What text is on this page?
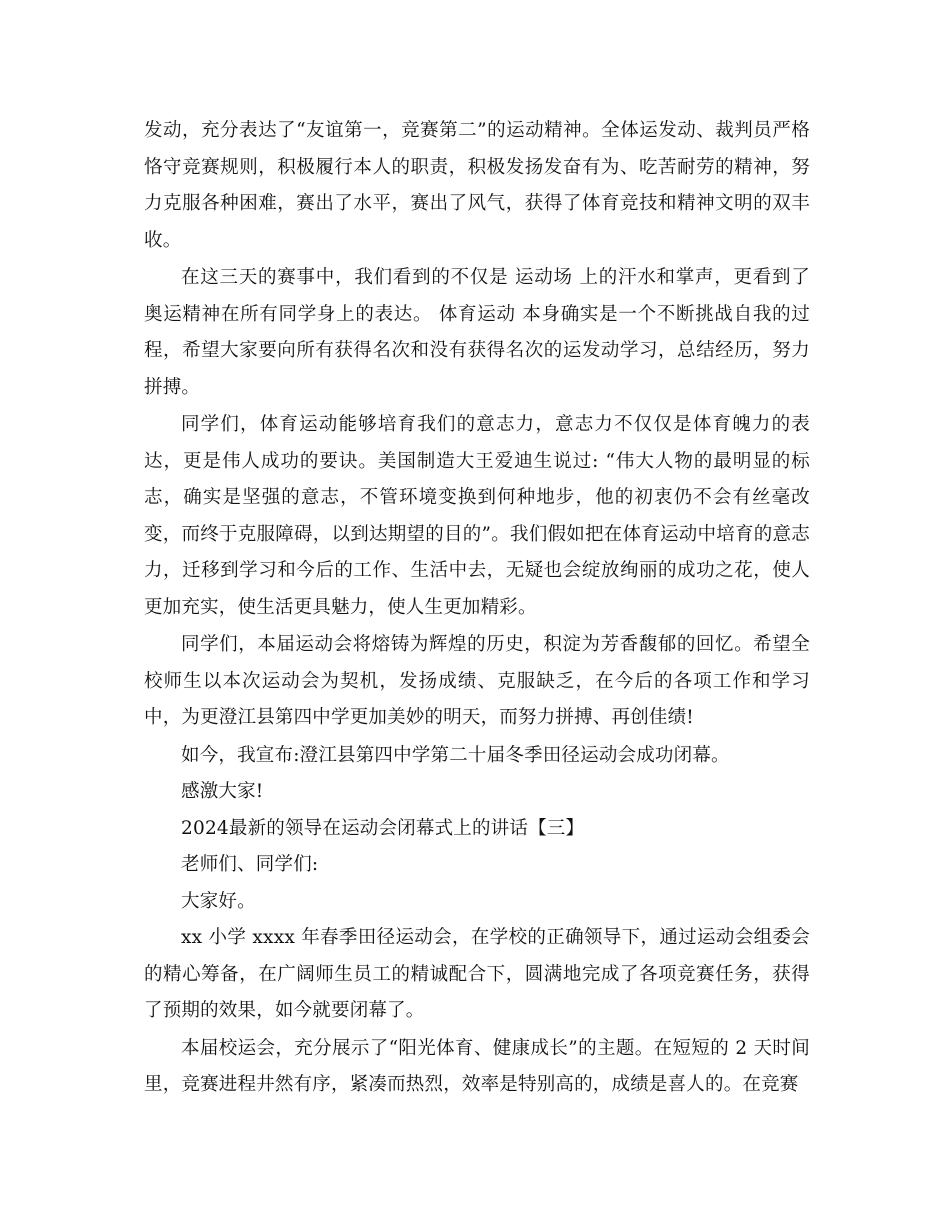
发动，充分表达了“友谊第一，竞赛第二”的运动精神。全体运发动、裁判员严格恪守竞赛规则，积极履行本人的职责，积极发扬发奋有为、吃苦耐劳的精神，努力克服各种困难，赛出了水平，赛出了风气，获得了体育竞技和精神文明的双丰收。

在这三天的赛事中，我们看到的不仅是 运动场 上的汗水和掌声，更看到了奥运精神在所有同学身上的表达。 体育运动 本身确实是一个不断挑战自我的过程，希望大家要向所有获得名次和没有获得名次的运发动学习，总结经历，努力拼搏。

同学们，体育运动能够培育我们的意志力，意志力不仅仅是体育魄力的表达，更是伟人成功的要诀。美国制造大王爱迪生说过: “伟大人物的最明显的标志，确实是坚强的意志，不管环境变换到何种地步，他的初衷仍不会有丝毫改变，而终于克服障碍，以到达期望的目的”。我们假如把在体育运动中培育的意志力，迁移到学习和今后的工作、生活中去，无疑也会绽放绚丽的成功之花，使人更加充实，使生活更具魅力，使人生更加精彩。

同学们，本届运动会将熔铸为辉煌的历史，积淀为芳香馥郁的回忆。希望全校师生以本次运动会为契机，发扬成绩、克服缺乏，在今后的各项工作和学习中，为更澄江县第四中学更加美妙的明天，而努力拼搏、再创佳绩!

如今，我宣布:澄江县第四中学第二十届冬季田径运动会成功闭幕。

感激大家!

2024最新的领导在运动会闭幕式上的讲话【三】

老师们、同学们:

大家好。

xx 小学 xxxx 年春季田径运动会，在学校的正确领导下，通过运动会组委会的精心筹备，在广阔师生员工的精诚配合下，圆满地完成了各项竞赛任务，获得了预期的效果，如今就要闭幕了。

本届校运会，充分展示了“阳光体育、健康成长”的主题。在短短的 2 天时间里，竞赛进程井然有序，紧凑而热烈，效率是特别高的，成绩是喜人的。在竞赛
